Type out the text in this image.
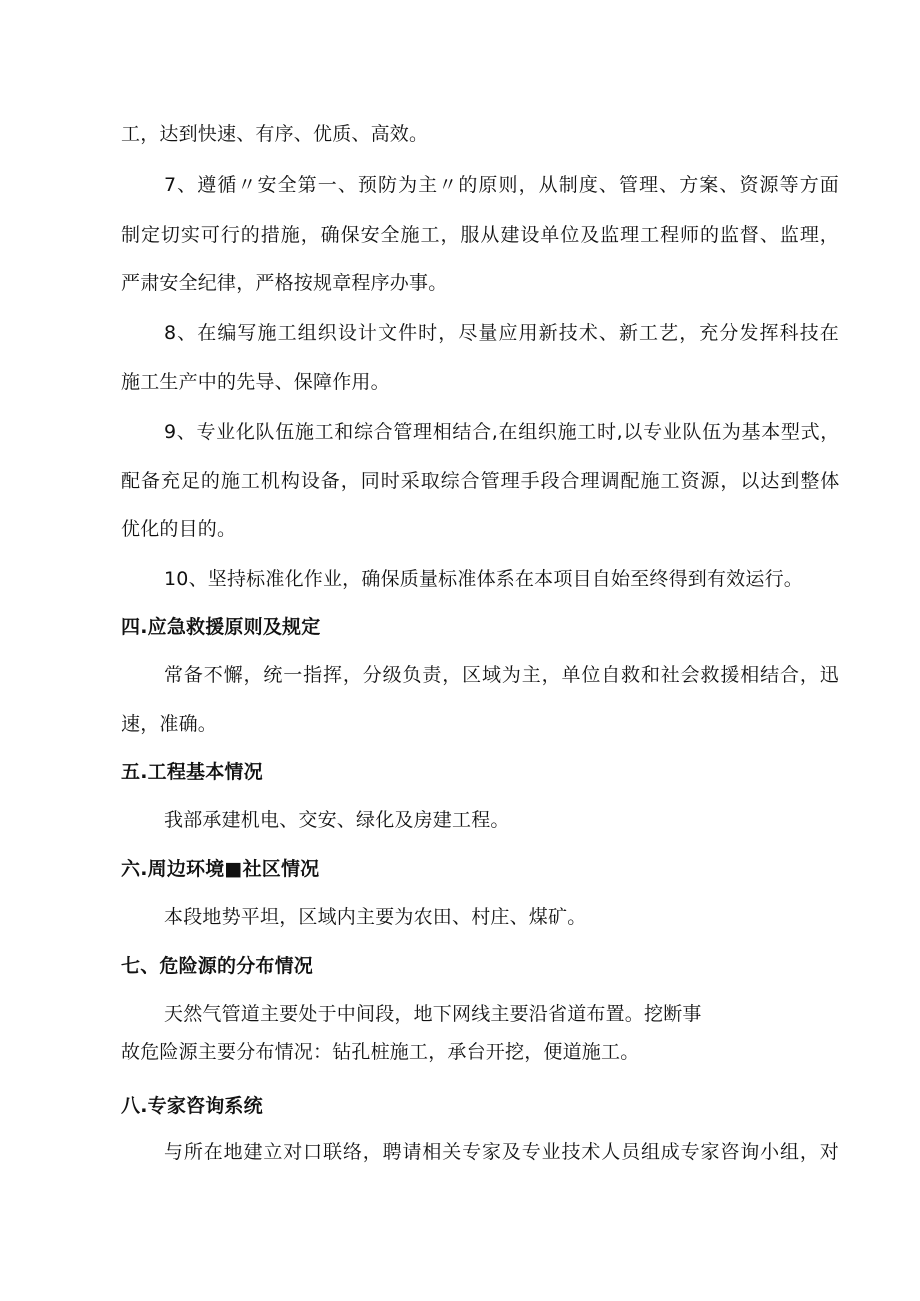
工，达到快速、有序、优质、高效。
7、遵循〃安全第一、预防为主〃的原则，从制度、管理、方案、资源等方面
制定切实可行的措施，确保安全施工，服从建设单位及监理工程师的监督、监理，
严肃安全纪律，严格按规章程序办事。
8、在编写施工组织设计文件时，尽量应用新技术、新工艺，充分发挥科技在
施工生产中的先导、保障作用。
9、专业化队伍施工和综合管理相结合,在组织施工时,以专业队伍为基本型式，
配备充足的施工机构设备，同时采取综合管理手段合理调配施工资源，以达到整体
优化的目的。
10、坚持标准化作业，确保质量标准体系在本项目自始至终得到有效运行。
四.应急救援原则及规定
常备不懈，统一指挥，分级负责，区域为主，单位自救和社会救援相结合，迅
速，准确。
五.工程基本情况
我部承建机电、交安、绿化及房建工程。
六.周边环境■社区情况
本段地势平坦，区域内主要为农田、村庄、煤矿。
七、危险源的分布情况
天然气管道主要处于中间段，地下网线主要沿省道布置。挖断事
故危险源主要分布情况：钻孔桩施工，承台开挖，便道施工。
八.专家咨询系统
与所在地建立对口联络，聘请相关专家及专业技术人员组成专家咨询小组，对
